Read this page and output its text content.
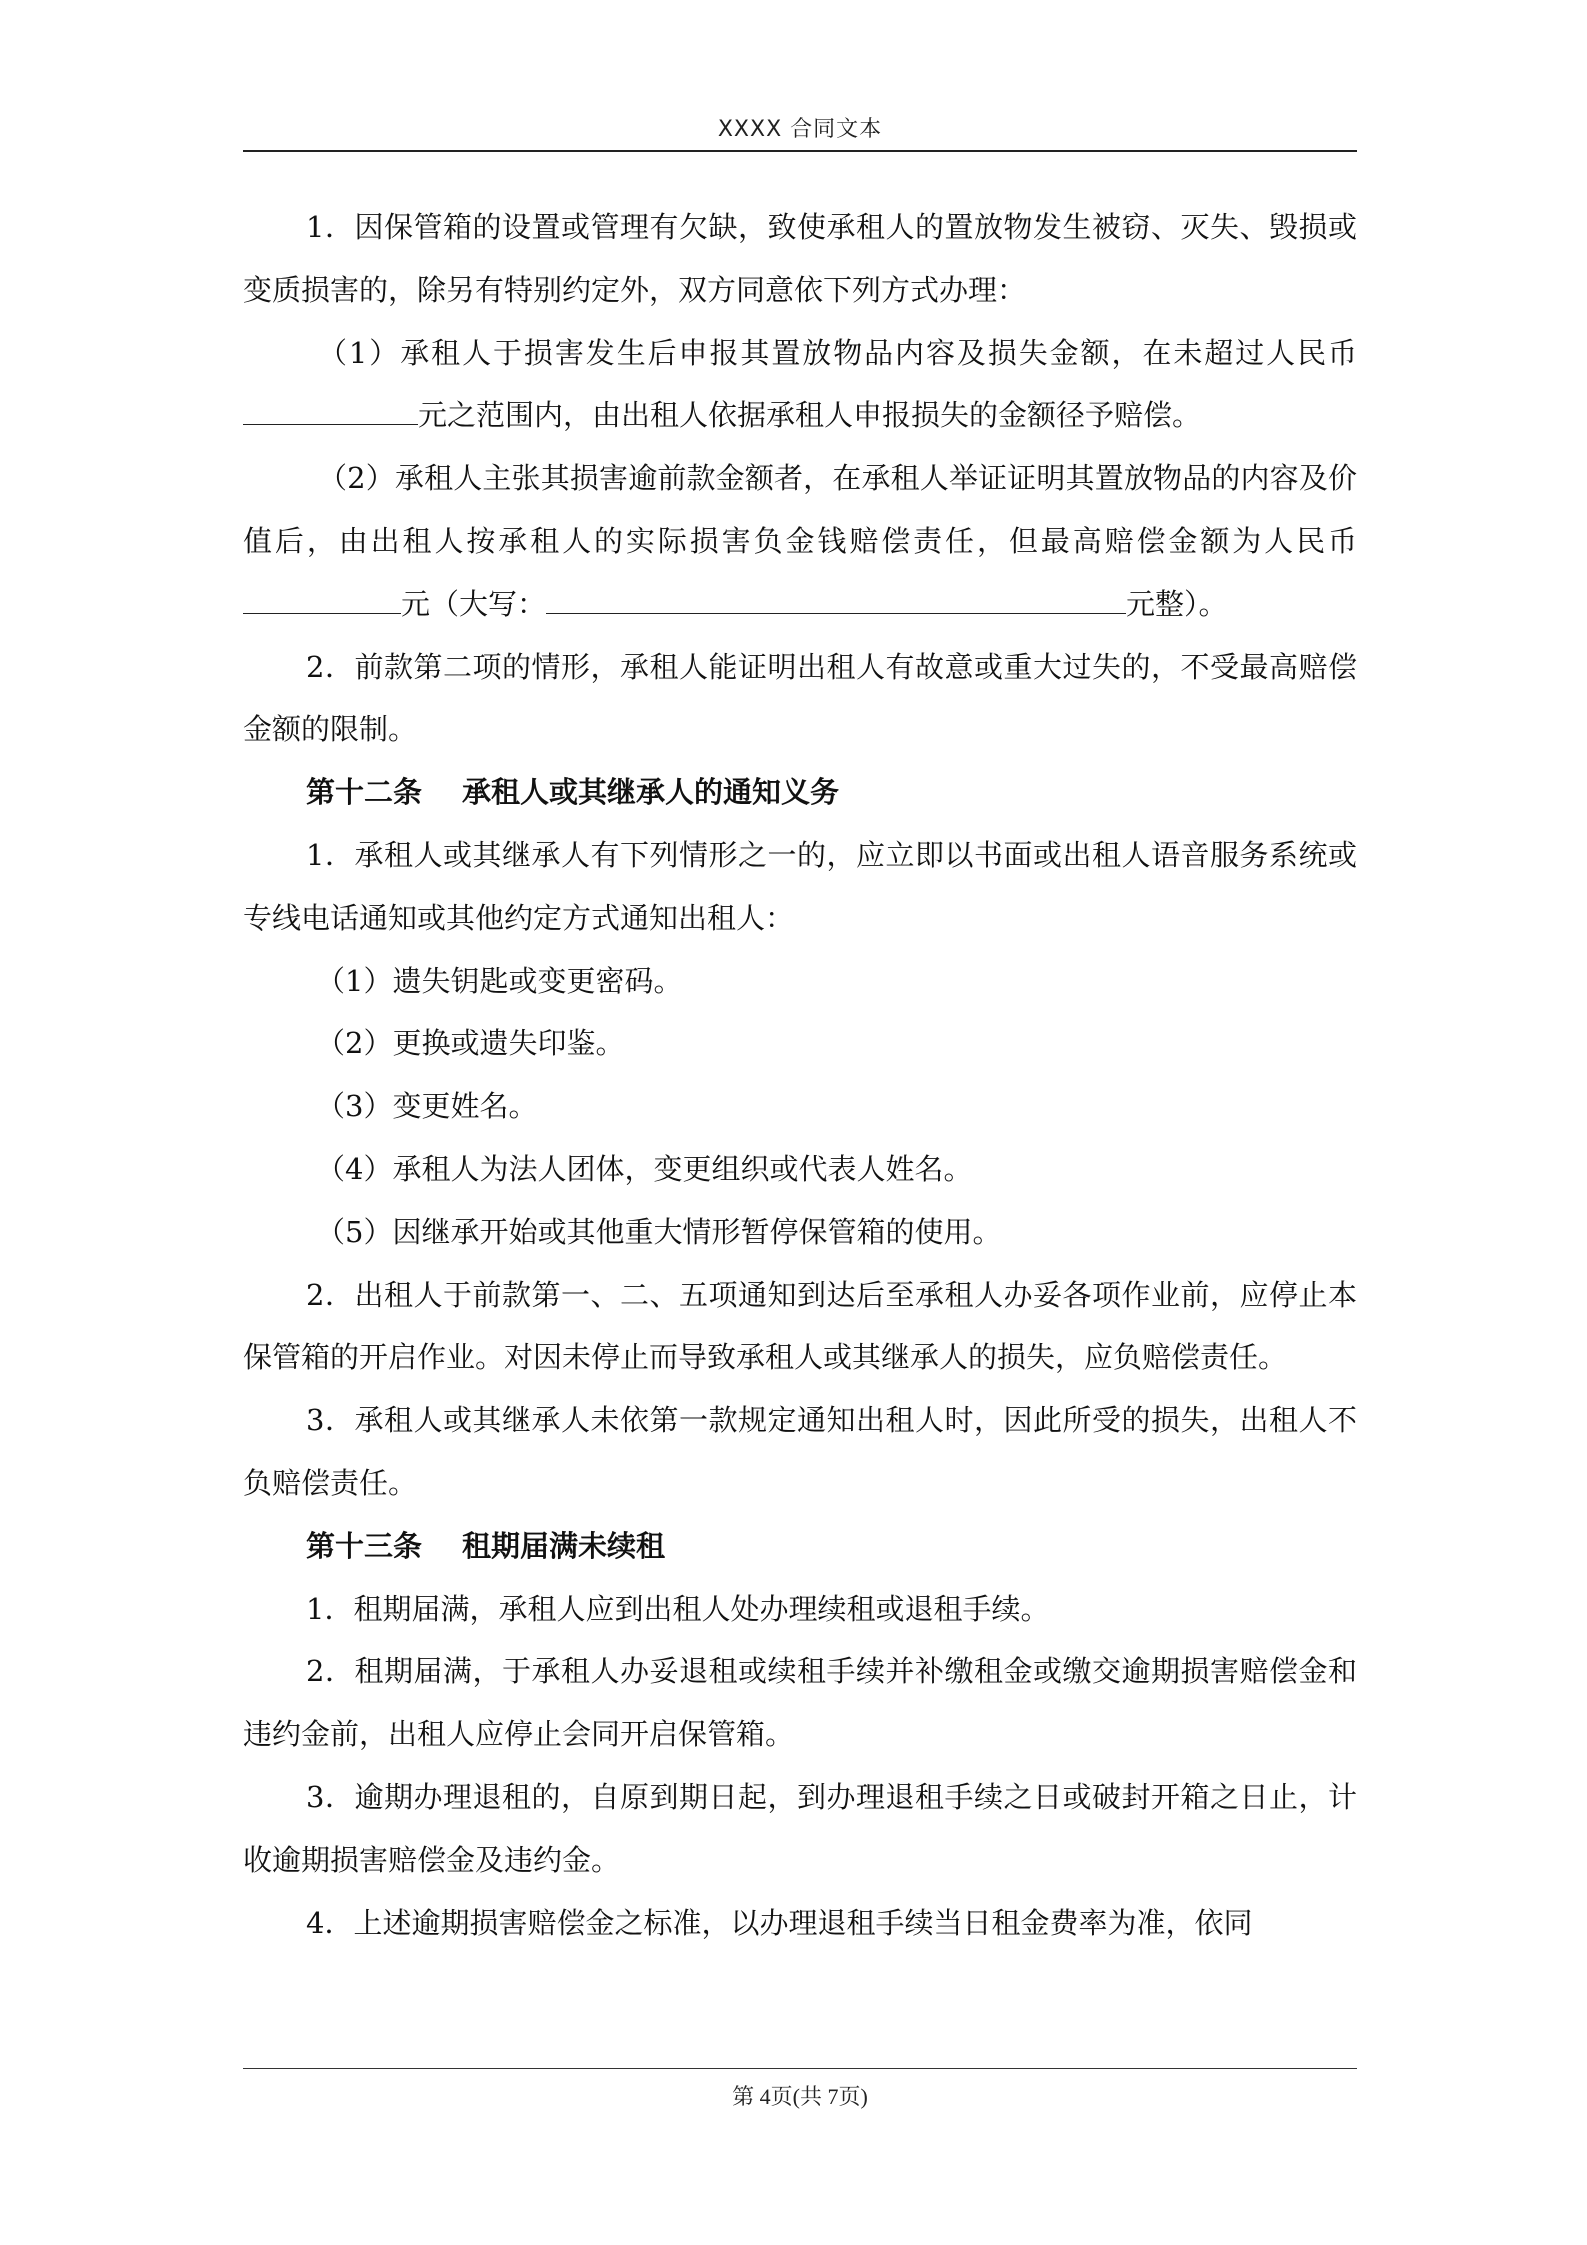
XXXX 合同文本

1．因保管箱的设置或管理有欠缺，致使承租人的置放物发生被窃、灭失、毁损或变质损害的，除另有特别约定外，双方同意依下列方式办理：

（1）承租人于损害发生后申报其置放物品内容及损失金额，在未超过人民币元之范围内，由出租人依据承租人申报损失的金额径予赔偿。

（2）承租人主张其损害逾前款金额者，在承租人举证证明其置放物品的内容及价值后，由出租人按承租人的实际损害负金钱赔偿责任，但最高赔偿金额为人民币元（大写：	元整）。

2．前款第二项的情形，承租人能证明出租人有故意或重大过失的，不受最高赔偿金额的限制。

第十二条 承租人或其继承人的通知义务

1．承租人或其继承人有下列情形之一的，应立即以书面或出租人语音服务系统或专线电话通知或其他约定方式通知出租人：

（1）遗失钥匙或变更密码。

（2）更换或遗失印鉴。

（3）变更姓名。

（4）承租人为法人团体，变更组织或代表人姓名。

（5）因继承开始或其他重大情形暂停保管箱的使用。

2．出租人于前款第一、二、五项通知到达后至承租人办妥各项作业前，应停止本保管箱的开启作业。对因未停止而导致承租人或其继承人的损失，应负赔偿责任。

3．承租人或其继承人未依第一款规定通知出租人时，因此所受的损失，出租人不负赔偿责任。

第十三条 租期届满未续租

1．租期届满，承租人应到出租人处办理续租或退租手续。

2．租期届满，于承租人办妥退租或续租手续并补缴租金或缴交逾期损害赔偿金和违约金前，出租人应停止会同开启保管箱。

3．逾期办理退租的，自原到期日起，到办理退租手续之日或破封开箱之日止，计收逾期损害赔偿金及违约金。

4．上述逾期损害赔偿金之标准，以办理退租手续当日租金费率为准，依同

第 4页(共 7页)
